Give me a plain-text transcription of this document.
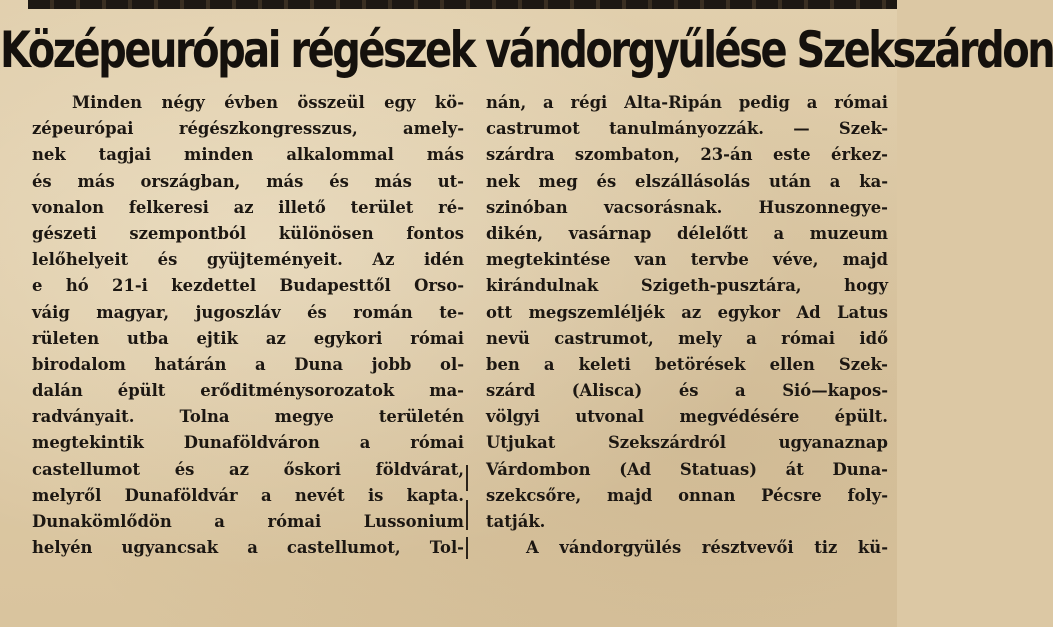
Középeurópai régészek vándorgyűlése Szekszárdon
Minden négy évben összeül egy kö-
zépeurópai régészkongresszus, amely-
nek tagjai minden alkalommal más
és más országban, más és más ut-
vonalon felkeresi az illető terület ré-
gészeti szempontból különösen fontos
lelőhelyeit és gyüjteményeit. Az idén
e hó 21-i kezdettel Budapesttől Orso-
váig magyar, jugoszláv és román te-
rületen utba ejtik az egykori római
birodalom határán a Duna jobb ol-
dalán épült erőditménysorozatok ma-
radványait. Tolna megye területén
megtekintik Dunaföldváron a római
castellumot és az őskori földvárat,
melyről Dunaföldvár a nevét is kapta.
Dunakömlődön a római Lussonium
helyén ugyancsak a castellumot, Tol-
nán, a régi Alta-Ripán pedig a római
castrumot tanulmányozzák. — Szek-
szárdra szombaton, 23-án este érkez-
nek meg és elszállásolás után a ka-
szinóban vacsorásnak. Huszonnegye-
dikén, vasárnap délelőtt a muzeum
megtekintése van tervbe véve, majd
kirándulnak Szigeth-pusztára, hogy
ott megszemléljék az egykor Ad Latus
nevü castrumot, mely a római idő
ben a keleti betörések ellen Szek-
szárd (Alisca) és a Sió—kapos-
völgyi utvonal megvédésére épült.
Utjukat Szekszárdról ugyanaznap
Várdombon (Ad Statuas) át Duna-
szekcsőre, majd onnan Pécsre foly-
tatják.
A vándorgyülés résztvevői tiz kü-
